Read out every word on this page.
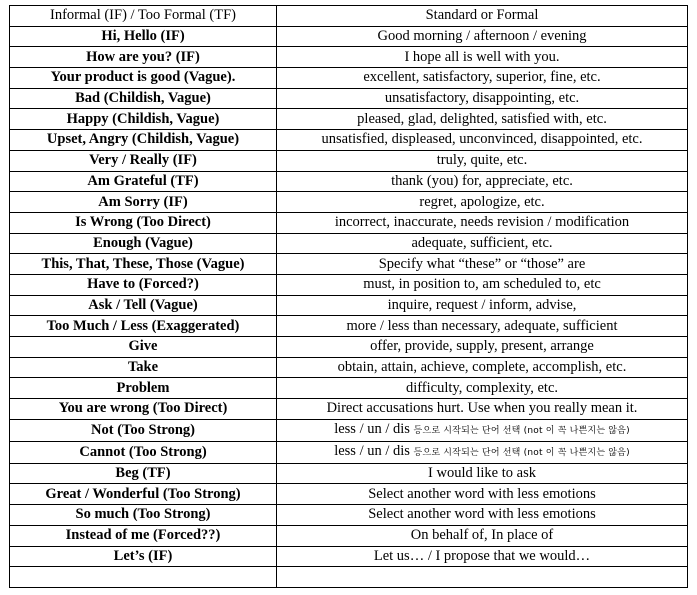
Informal (IF) / Too Formal (TF)	Standard or Formal
Hi, Hello (IF)	Good morning / afternoon / evening
How are you? (IF)	I hope all is well with you.
Your product is good (Vague).	excellent, satisfactory, superior, fine, etc.
Bad (Childish, Vague)	unsatisfactory, disappointing, etc.
Happy (Childish, Vague)	pleased, glad, delighted, satisfied with, etc.
Upset, Angry (Childish, Vague)	unsatisfied, displeased, unconvinced, disappointed, etc.
Very / Really (IF)	truly, quite, etc.
Am Grateful (TF)	thank (you) for, appreciate, etc.
Am Sorry (IF)	regret, apologize, etc.
Is Wrong (Too Direct)	incorrect, inaccurate, needs revision / modification
Enough (Vague)	adequate, sufficient, etc.
This, That, These, Those (Vague)	Specify what “these” or “those” are
Have to (Forced?)	must, in position to, am scheduled to, etc
Ask / Tell (Vague)	inquire, request / inform, advise,
Too Much / Less (Exaggerated)	more / less than necessary, adequate, sufficient
Give	offer, provide, supply, present, arrange
Take	obtain, attain, achieve, complete, accomplish, etc.
Problem	difficulty, complexity, etc.
You are wrong (Too Direct)	Direct accusations hurt. Use when you really mean it.
Not (Too Strong)	less / un / dis 등으로 시작되는 단어 선택 (not 이 꼭 나쁜지는 않음)
Cannot (Too Strong)	less / un / dis 등으로 시작되는 단어 선택 (not 이 꼭 나쁜지는 않음)
Beg (TF)	I would like to ask
Great / Wonderful (Too Strong)	Select another word with less emotions
So much (Too Strong)	Select another word with less emotions
Instead of me (Forced??)	On behalf of, In place of
Let’s (IF)	Let us… / I propose that we would…
